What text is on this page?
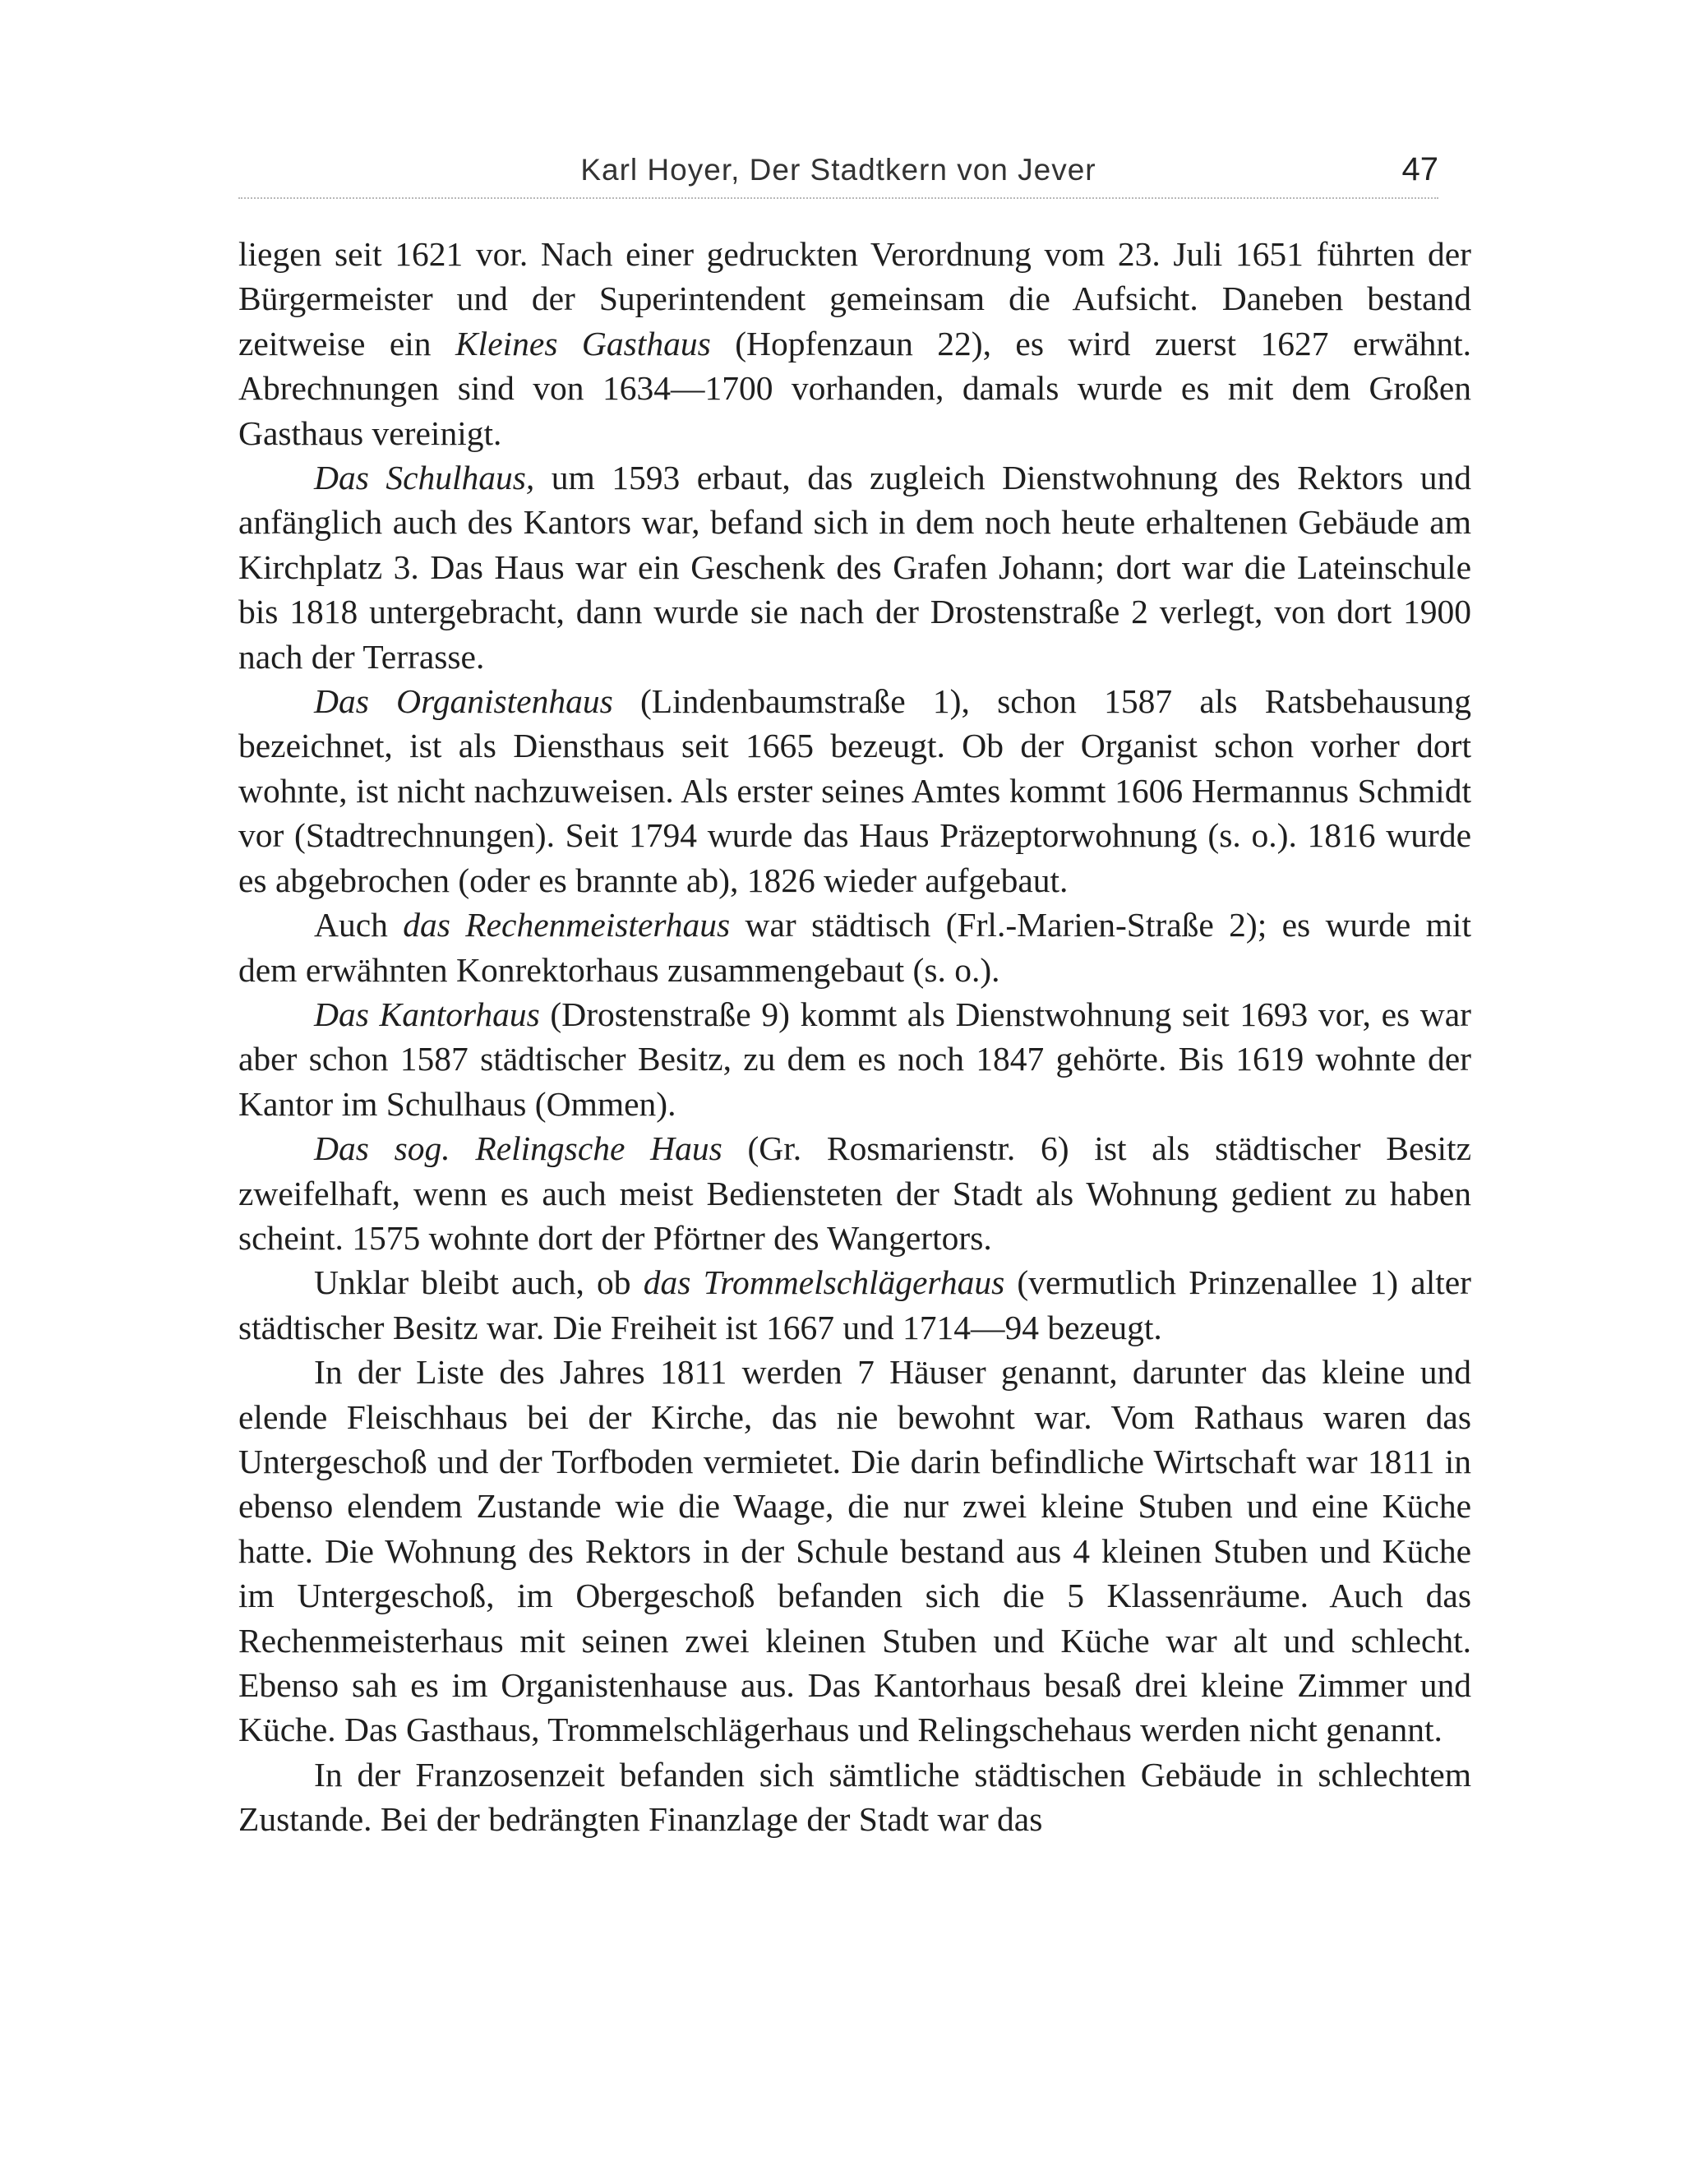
Karl Hoyer, Der Stadtkern von Jever	47

liegen seit 1621 vor. Nach einer gedruckten Verordnung vom 23. Juli 1651 führten der Bürgermeister und der Superintendent gemeinsam die Aufsicht. Daneben bestand zeitweise ein Kleines Gasthaus (Hopfenzaun 22), es wird zuerst 1627 erwähnt. Abrechnungen sind von 1634—1700 vorhanden, damals wurde es mit dem Großen Gasthaus vereinigt.

Das Schulhaus, um 1593 erbaut, das zugleich Dienstwohnung des Rektors und anfänglich auch des Kantors war, befand sich in dem noch heute erhaltenen Gebäude am Kirchplatz 3. Das Haus war ein Geschenk des Grafen Johann; dort war die Lateinschule bis 1818 untergebracht, dann wurde sie nach der Drostenstraße 2 verlegt, von dort 1900 nach der Terrasse.

Das Organistenhaus (Lindenbaumstraße 1), schon 1587 als Ratsbehausung bezeichnet, ist als Diensthaus seit 1665 bezeugt. Ob der Organist schon vorher dort wohnte, ist nicht nachzuweisen. Als erster seines Amtes kommt 1606 Hermannus Schmidt vor (Stadtrechnungen). Seit 1794 wurde das Haus Präzeptorwohnung (s. o.). 1816 wurde es abgebrochen (oder es brannte ab), 1826 wieder aufgebaut.

Auch das Rechenmeisterhaus war städtisch (Frl.-Marien-Straße 2); es wurde mit dem erwähnten Konrektorhaus zusammengebaut (s. o.).

Das Kantorhaus (Drostenstraße 9) kommt als Dienstwohnung seit 1693 vor, es war aber schon 1587 städtischer Besitz, zu dem es noch 1847 gehörte. Bis 1619 wohnte der Kantor im Schulhaus (Ommen).

Das sog. Relingsche Haus (Gr. Rosmarienstr. 6) ist als städtischer Besitz zweifelhaft, wenn es auch meist Bediensteten der Stadt als Wohnung gedient zu haben scheint. 1575 wohnte dort der Pförtner des Wangertors.

Unklar bleibt auch, ob das Trommelschlägerhaus (vermutlich Prinzenallee 1) alter städtischer Besitz war. Die Freiheit ist 1667 und 1714—94 bezeugt.

In der Liste des Jahres 1811 werden 7 Häuser genannt, darunter das kleine und elende Fleischhaus bei der Kirche, das nie bewohnt war. Vom Rathaus waren das Untergeschoß und der Torfboden vermietet. Die darin befindliche Wirtschaft war 1811 in ebenso elendem Zustande wie die Waage, die nur zwei kleine Stuben und eine Küche hatte. Die Wohnung des Rektors in der Schule bestand aus 4 kleinen Stuben und Küche im Untergeschoß, im Obergeschoß befanden sich die 5 Klassenräume. Auch das Rechenmeisterhaus mit seinen zwei kleinen Stuben und Küche war alt und schlecht. Ebenso sah es im Organistenhause aus. Das Kantorhaus besaß drei kleine Zimmer und Küche. Das Gasthaus, Trommelschlägerhaus und Relingschehaus werden nicht genannt.

In der Franzosenzeit befanden sich sämtliche städtischen Gebäude in schlechtem Zustande. Bei der bedrängten Finanzlage der Stadt war das
